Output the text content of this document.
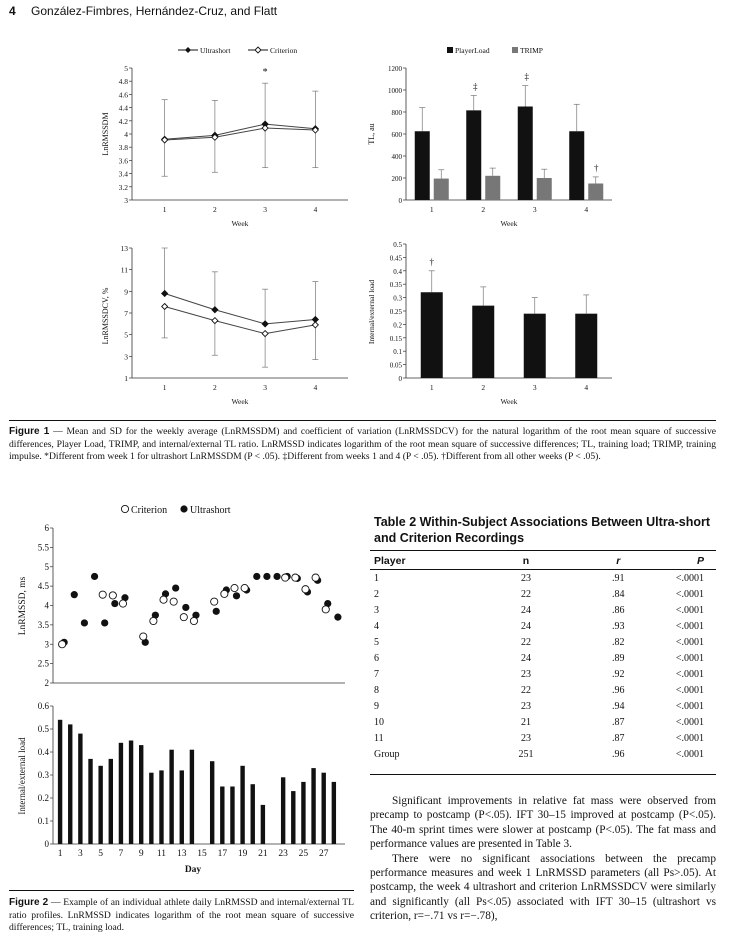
4 González-Fimbres, Hernández-Cruz, and Flatt
3
3.2
3.4
3.6
3.8
4
4.2
4.4
4.6
4.8
5
1	2	3	4
Week
*
Ultrashort	Criterion
LnRMSSDM
0
200
400
600
800
1000
1200
1	2	3	4
Week
‡
‡
†
TL, au
PlayerLoad	TRIMP
1
3
5
7
9
11
13
1	2	3	4
Week
LnRMSSDCV, %
0
0.05
0.1
0.15
0.2
0.25
0.3
0.35
0.4
0.45
0.5
1	2	3	4
Week
†
Internal/external load
Figure 1 — Mean and SD for the weekly average (LnRMSSDM) and coefficient of variation (LnRMSSDCV) for the natural logarithm of the root mean square of successive differences, Player Load, TRIMP, and internal/external TL ratio. LnRMSSD indicates logarithm of the root mean square of successive differences; TL, training load; TRIMP, training impulse. *Different from week 1 for ultrashort LnRMSSDM (P < .05). ‡Different from weeks 1 and 4 (P < .05). †Different from all other weeks (P < .05).
2
2.5
3
3.5
4
4.5
5
5.5
6
LnRMSSD, ms
Criterion Ultrashort
0
0.1
0.2
0.3
0.4
0.5
0.6
Internal/external load
1 3 5 7 9 11 13 15 17 19 21 23 25 27
Day
Figure 2 — Example of an individual athlete daily LnRMSSD and internal/external TL ratio profiles. LnRMSSD indicates logarithm of the root mean square of successive differences; TL, training load.
Table 2 Within-Subject Associations Between Ultra-short and Criterion Recordings
Player	n	r	P
1	23	.91	<.0001
2	22	.84	<.0001
3	24	.86	<.0001
4	24	.93	<.0001
5	22	.82	<.0001
6	24	.89	<.0001
7	23	.92	<.0001
8	22	.96	<.0001
9	23	.94	<.0001
10	21	.87	<.0001
11	23	.87	<.0001
Group	251	.96	<.0001

Significant improvements in relative fat mass were observed from precamp to postcamp (P<.05). IFT 30–15 improved at postcamp (P<.05). The 40-m sprint times were slower at postcamp (P<.05). The fat mass and performance values are presented in Table 3.

There were no significant associations between the precamp performance measures and week 1 LnRMSSD parameters (all Ps>.05). At postcamp, the week 4 ultrashort and criterion LnRMSSDCV were similarly and significantly (all Ps<.05) associated with IFT 30–15 (ultrashort vs criterion, r=−.71 vs r=−.78),
